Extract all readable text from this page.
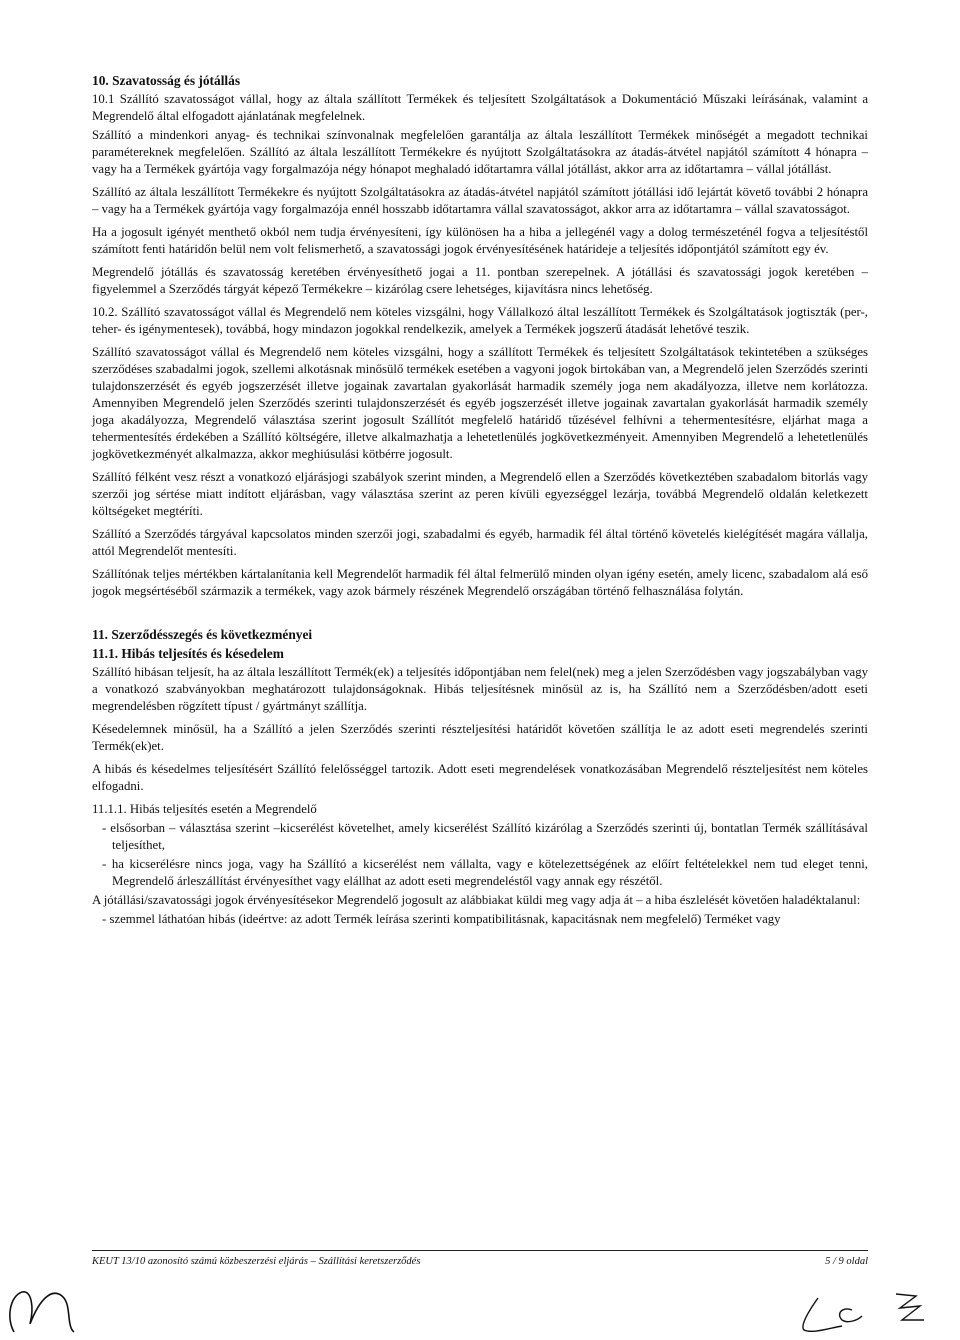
10. Szavatosság és jótállás

10.1 Szállító szavatosságot vállal, hogy az általa szállított Termékek és teljesített Szolgáltatások a Dokumentáció Műszaki leírásának, valamint a Megrendelő által elfogadott ajánlatának megfelelnek.

Szállító a mindenkori anyag- és technikai színvonalnak megfelelően garantálja az általa leszállított Termékek minőségét a megadott technikai paramétereknek megfelelően. Szállító az általa leszállított Termékekre és nyújtott Szolgáltatásokra az átadás-átvétel napjától számított 4 hónapra – vagy ha a Termékek gyártója vagy forgalmazója négy hónapot meghaladó időtartamra vállal jótállást, akkor arra az időtartamra – vállal jótállást.

Szállító az általa leszállított Termékekre és nyújtott Szolgáltatásokra az átadás-átvétel napjától számított jótállási idő lejártát követő további 2 hónapra – vagy ha a Termékek gyártója vagy forgalmazója ennél hosszabb időtartamra vállal szavatosságot, akkor arra az időtartamra – vállal szavatosságot.

Ha a jogosult igényét menthető okból nem tudja érvényesíteni, így különösen ha a hiba a jellegénél vagy a dolog természeténél fogva a teljesítéstől számított fenti határidőn belül nem volt felismerhető, a szavatossági jogok érvényesítésének határideje a teljesítés időpontjától számított egy év.

Megrendelő jótállás és szavatosság keretében érvényesíthető jogai a 11. pontban szerepelnek. A jótállási és szavatossági jogok keretében – figyelemmel a Szerződés tárgyát képező Termékekre – kizárólag csere lehetséges, kijavításra nincs lehetőség.

10.2. Szállító szavatosságot vállal és Megrendelő nem köteles vizsgálni, hogy Vállalkozó által leszállított Termékek és Szolgáltatások jogtiszták (per-, teher- és igénymentesek), továbbá, hogy mindazon jogokkal rendelkezik, amelyek a Termékek jogszerű átadását lehetővé teszik.

Szállító szavatosságot vállal és Megrendelő nem köteles vizsgálni, hogy a szállított Termékek és teljesített Szolgáltatások tekintetében a szükséges szerződéses szabadalmi jogok, szellemi alkotásnak minősülő termékek esetében a vagyoni jogok birtokában van, a Megrendelő jelen Szerződés szerinti tulajdonszerzését és egyéb jogszerzését illetve jogainak zavartalan gyakorlását harmadik személy joga nem akadályozza, illetve nem korlátozza. Amennyiben Megrendelő jelen Szerződés szerinti tulajdonszerzését és egyéb jogszerzését illetve jogainak zavartalan gyakorlását harmadik személy joga akadályozza, Megrendelő választása szerint jogosult Szállítót megfelelő határidő tűzésével felhívni a tehermentesítésre, eljárhat maga a tehermentesítés érdekében a Szállító költségére, illetve alkalmazhatja a lehetetlenülés jogkövetkezményeit. Amennyiben Megrendelő a lehetetlenülés jogkövetkezményét alkalmazza, akkor meghiúsulási kötbérre jogosult.

Szállító félként vesz részt a vonatkozó eljárásjogi szabályok szerint minden, a Megrendelő ellen a Szerződés következtében szabadalom bitorlás vagy szerzői jog sértése miatt indított eljárásban, vagy választása szerint az peren kívüli egyezséggel lezárja, továbbá Megrendelő oldalán keletkezett költségeket megtéríti.

Szállító a Szerződés tárgyával kapcsolatos minden szerzői jogi, szabadalmi és egyéb, harmadik fél által történő követelés kielégítését magára vállalja, attól Megrendelőt mentesíti.

Szállítónak teljes mértékben kártalanítania kell Megrendelőt harmadik fél által felmerülő minden olyan igény esetén, amely licenc, szabadalom alá eső jogok megsértéséből származik a termékek, vagy azok bármely részének Megrendelő országában történő felhasználása folytán.

11. Szerződésszegés és következményei
11.1. Hibás teljesítés és késedelem

Szállító hibásan teljesít, ha az általa leszállított Termék(ek) a teljesítés időpontjában nem felel(nek) meg a jelen Szerződésben vagy jogszabályban vagy a vonatkozó szabványokban meghatározott tulajdonságoknak. Hibás teljesítésnek minősül az is, ha Szállító nem a Szerződésben/adott eseti megrendelésben rögzített típust / gyártmányt szállítja.

Késedelemnek minősül, ha a Szállító a jelen Szerződés szerinti részteljesítési határidőt követően szállítja le az adott eseti megrendelés szerinti Termék(ek)et.

A hibás és késedelmes teljesítésért Szállító felelősséggel tartozik. Adott eseti megrendelések vonatkozásában Megrendelő részteljesítést nem köteles elfogadni.

11.1.1. Hibás teljesítés esetén a Megrendelő

- elsősorban – választása szerint –kicserélést követelhet, amely kicserélést Szállító kizárólag a Szerződés szerinti új, bontatlan Termék szállításával teljesíthet,

- ha kicserélésre nincs joga, vagy ha Szállító a kicserélést nem vállalta, vagy e kötelezettségének az előírt feltételekkel nem tud eleget tenni, Megrendelő árleszállítást érvényesíthet vagy elállhat az adott eseti megrendeléstől vagy annak egy részétől.

A jótállási/szavatossági jogok érvényesítésekor Megrendelő jogosult az alábbiakat küldi meg vagy adja át – a hiba észlelését követően haladéktalanul:

- szemmel láthatóan hibás (ideértve: az adott Termék leírása szerinti kompatibilitásnak, kapacitásnak nem megfelelő) Terméket vagy

KEUT 13/10 azonosító számú közbeszerzési eljárás – Szállítási keretszerződés	5 / 9 oldal
